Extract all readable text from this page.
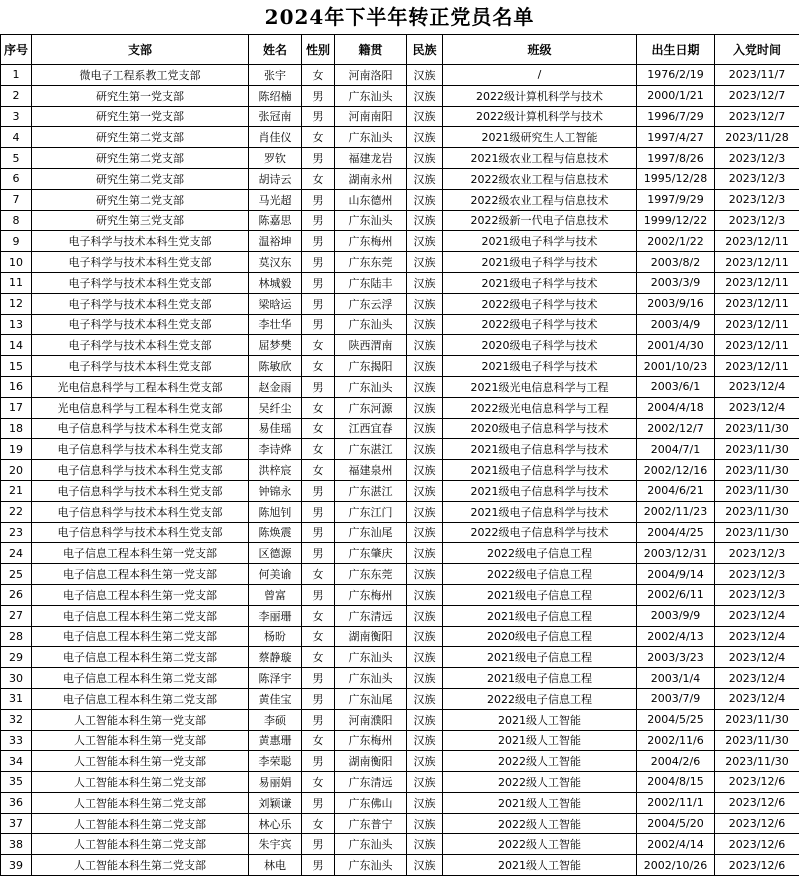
2024年下半年转正党员名单
序号	支部	姓名	性别	籍贯	民族	班级	出生日期	入党时间
1	微电子工程系教工党支部	张宇	女	河南洛阳	汉族	/	1976/2/19	2023/11/7
2	研究生第一党支部	陈绍楠	男	广东汕头	汉族	2022级计算机科学与技术	2000/1/21	2023/12/7
3	研究生第一党支部	张冠南	男	河南南阳	汉族	2022级计算机科学与技术	1996/7/29	2023/12/7
4	研究生第二党支部	肖佳仪	女	广东汕头	汉族	2021级研究生人工智能	1997/4/27	2023/11/28
5	研究生第二党支部	罗钦	男	福建龙岩	汉族	2021级农业工程与信息技术	1997/8/26	2023/12/3
6	研究生第二党支部	胡诗云	女	湖南永州	汉族	2022级农业工程与信息技术	1995/12/28	2023/12/3
7	研究生第二党支部	马光超	男	山东德州	汉族	2022级农业工程与信息技术	1997/9/29	2023/12/3
8	研究生第三党支部	陈嘉思	男	广东汕头	汉族	2022级新一代电子信息技术	1999/12/22	2023/12/3
9	电子科学与技术本科生党支部	温裕坤	男	广东梅州	汉族	2021级电子科学与技术	2002/1/22	2023/12/11
10	电子科学与技术本科生党支部	莫汉东	男	广东东莞	汉族	2021级电子科学与技术	2003/8/2	2023/12/11
11	电子科学与技术本科生党支部	林城毅	男	广东陆丰	汉族	2021级电子科学与技术	2003/3/9	2023/12/11
12	电子科学与技术本科生党支部	梁晗运	男	广东云浮	汉族	2022级电子科学与技术	2003/9/16	2023/12/11
13	电子科学与技术本科生党支部	李壮华	男	广东汕头	汉族	2022级电子科学与技术	2003/4/9	2023/12/11
14	电子科学与技术本科生党支部	屈梦樊	女	陕西渭南	汉族	2020级电子科学与技术	2001/4/30	2023/12/11
15	电子科学与技术本科生党支部	陈敏欣	女	广东揭阳	汉族	2021级电子科学与技术	2001/10/23	2023/12/11
16	光电信息科学与工程本科生党支部	赵金雨	男	广东汕头	汉族	2021级光电信息科学与工程	2003/6/1	2023/12/4
17	光电信息科学与工程本科生党支部	吴纤尘	女	广东河源	汉族	2022级光电信息科学与工程	2004/4/18	2023/12/4
18	电子信息科学与技术本科生党支部	易佳瑶	女	江西宜春	汉族	2020级电子信息科学与技术	2002/12/7	2023/11/30
19	电子信息科学与技术本科生党支部	李诗烨	女	广东湛江	汉族	2021级电子信息科学与技术	2004/7/1	2023/11/30
20	电子信息科学与技术本科生党支部	洪梓宸	女	福建泉州	汉族	2021级电子信息科学与技术	2002/12/16	2023/11/30
21	电子信息科学与技术本科生党支部	钟锦永	男	广东湛江	汉族	2021级电子信息科学与技术	2004/6/21	2023/11/30
22	电子信息科学与技术本科生党支部	陈旭钊	男	广东江门	汉族	2021级电子信息科学与技术	2002/11/23	2023/11/30
23	电子信息科学与技术本科生党支部	陈焕震	男	广东汕尾	汉族	2022级电子信息科学与技术	2004/4/25	2023/11/30
24	电子信息工程本科生第一党支部	区德源	男	广东肇庆	汉族	2022级电子信息工程	2003/12/31	2023/12/3
25	电子信息工程本科生第一党支部	何美谕	女	广东东莞	汉族	2022级电子信息工程	2004/9/14	2023/12/3
26	电子信息工程本科生第一党支部	曾富	男	广东梅州	汉族	2021级电子信息工程	2002/6/11	2023/12/3
27	电子信息工程本科生第二党支部	李丽珊	女	广东清远	汉族	2021级电子信息工程	2003/9/9	2023/12/4
28	电子信息工程本科生第二党支部	杨昐	女	湖南衡阳	汉族	2020级电子信息工程	2002/4/13	2023/12/4
29	电子信息工程本科生第二党支部	蔡静璇	女	广东汕头	汉族	2021级电子信息工程	2003/3/23	2023/12/4
30	电子信息工程本科生第二党支部	陈泽宇	男	广东汕头	汉族	2021级电子信息工程	2003/1/4	2023/12/4
31	电子信息工程本科生第二党支部	黄佳宝	男	广东汕尾	汉族	2022级电子信息工程	2003/7/9	2023/12/4
32	人工智能本科生第一党支部	李硕	男	河南濮阳	汉族	2021级人工智能	2004/5/25	2023/11/30
33	人工智能本科生第一党支部	黄惠珊	女	广东梅州	汉族	2021级人工智能	2002/11/6	2023/11/30
34	人工智能本科生第一党支部	李荣聪	男	湖南衡阳	汉族	2022级人工智能	2004/2/6	2023/11/30
35	人工智能本科生第二党支部	易丽娟	女	广东清远	汉族	2022级人工智能	2004/8/15	2023/12/6
36	人工智能本科生第二党支部	刘颖谦	男	广东佛山	汉族	2021级人工智能	2002/11/1	2023/12/6
37	人工智能本科生第二党支部	林心乐	女	广东普宁	汉族	2022级人工智能	2004/5/20	2023/12/6
38	人工智能本科生第二党支部	朱宇宾	男	广东汕头	汉族	2022级人工智能	2002/4/14	2023/12/6
39	人工智能本科生第二党支部	林电	男	广东汕头	汉族	2021级人工智能	2002/10/26	2023/12/6
